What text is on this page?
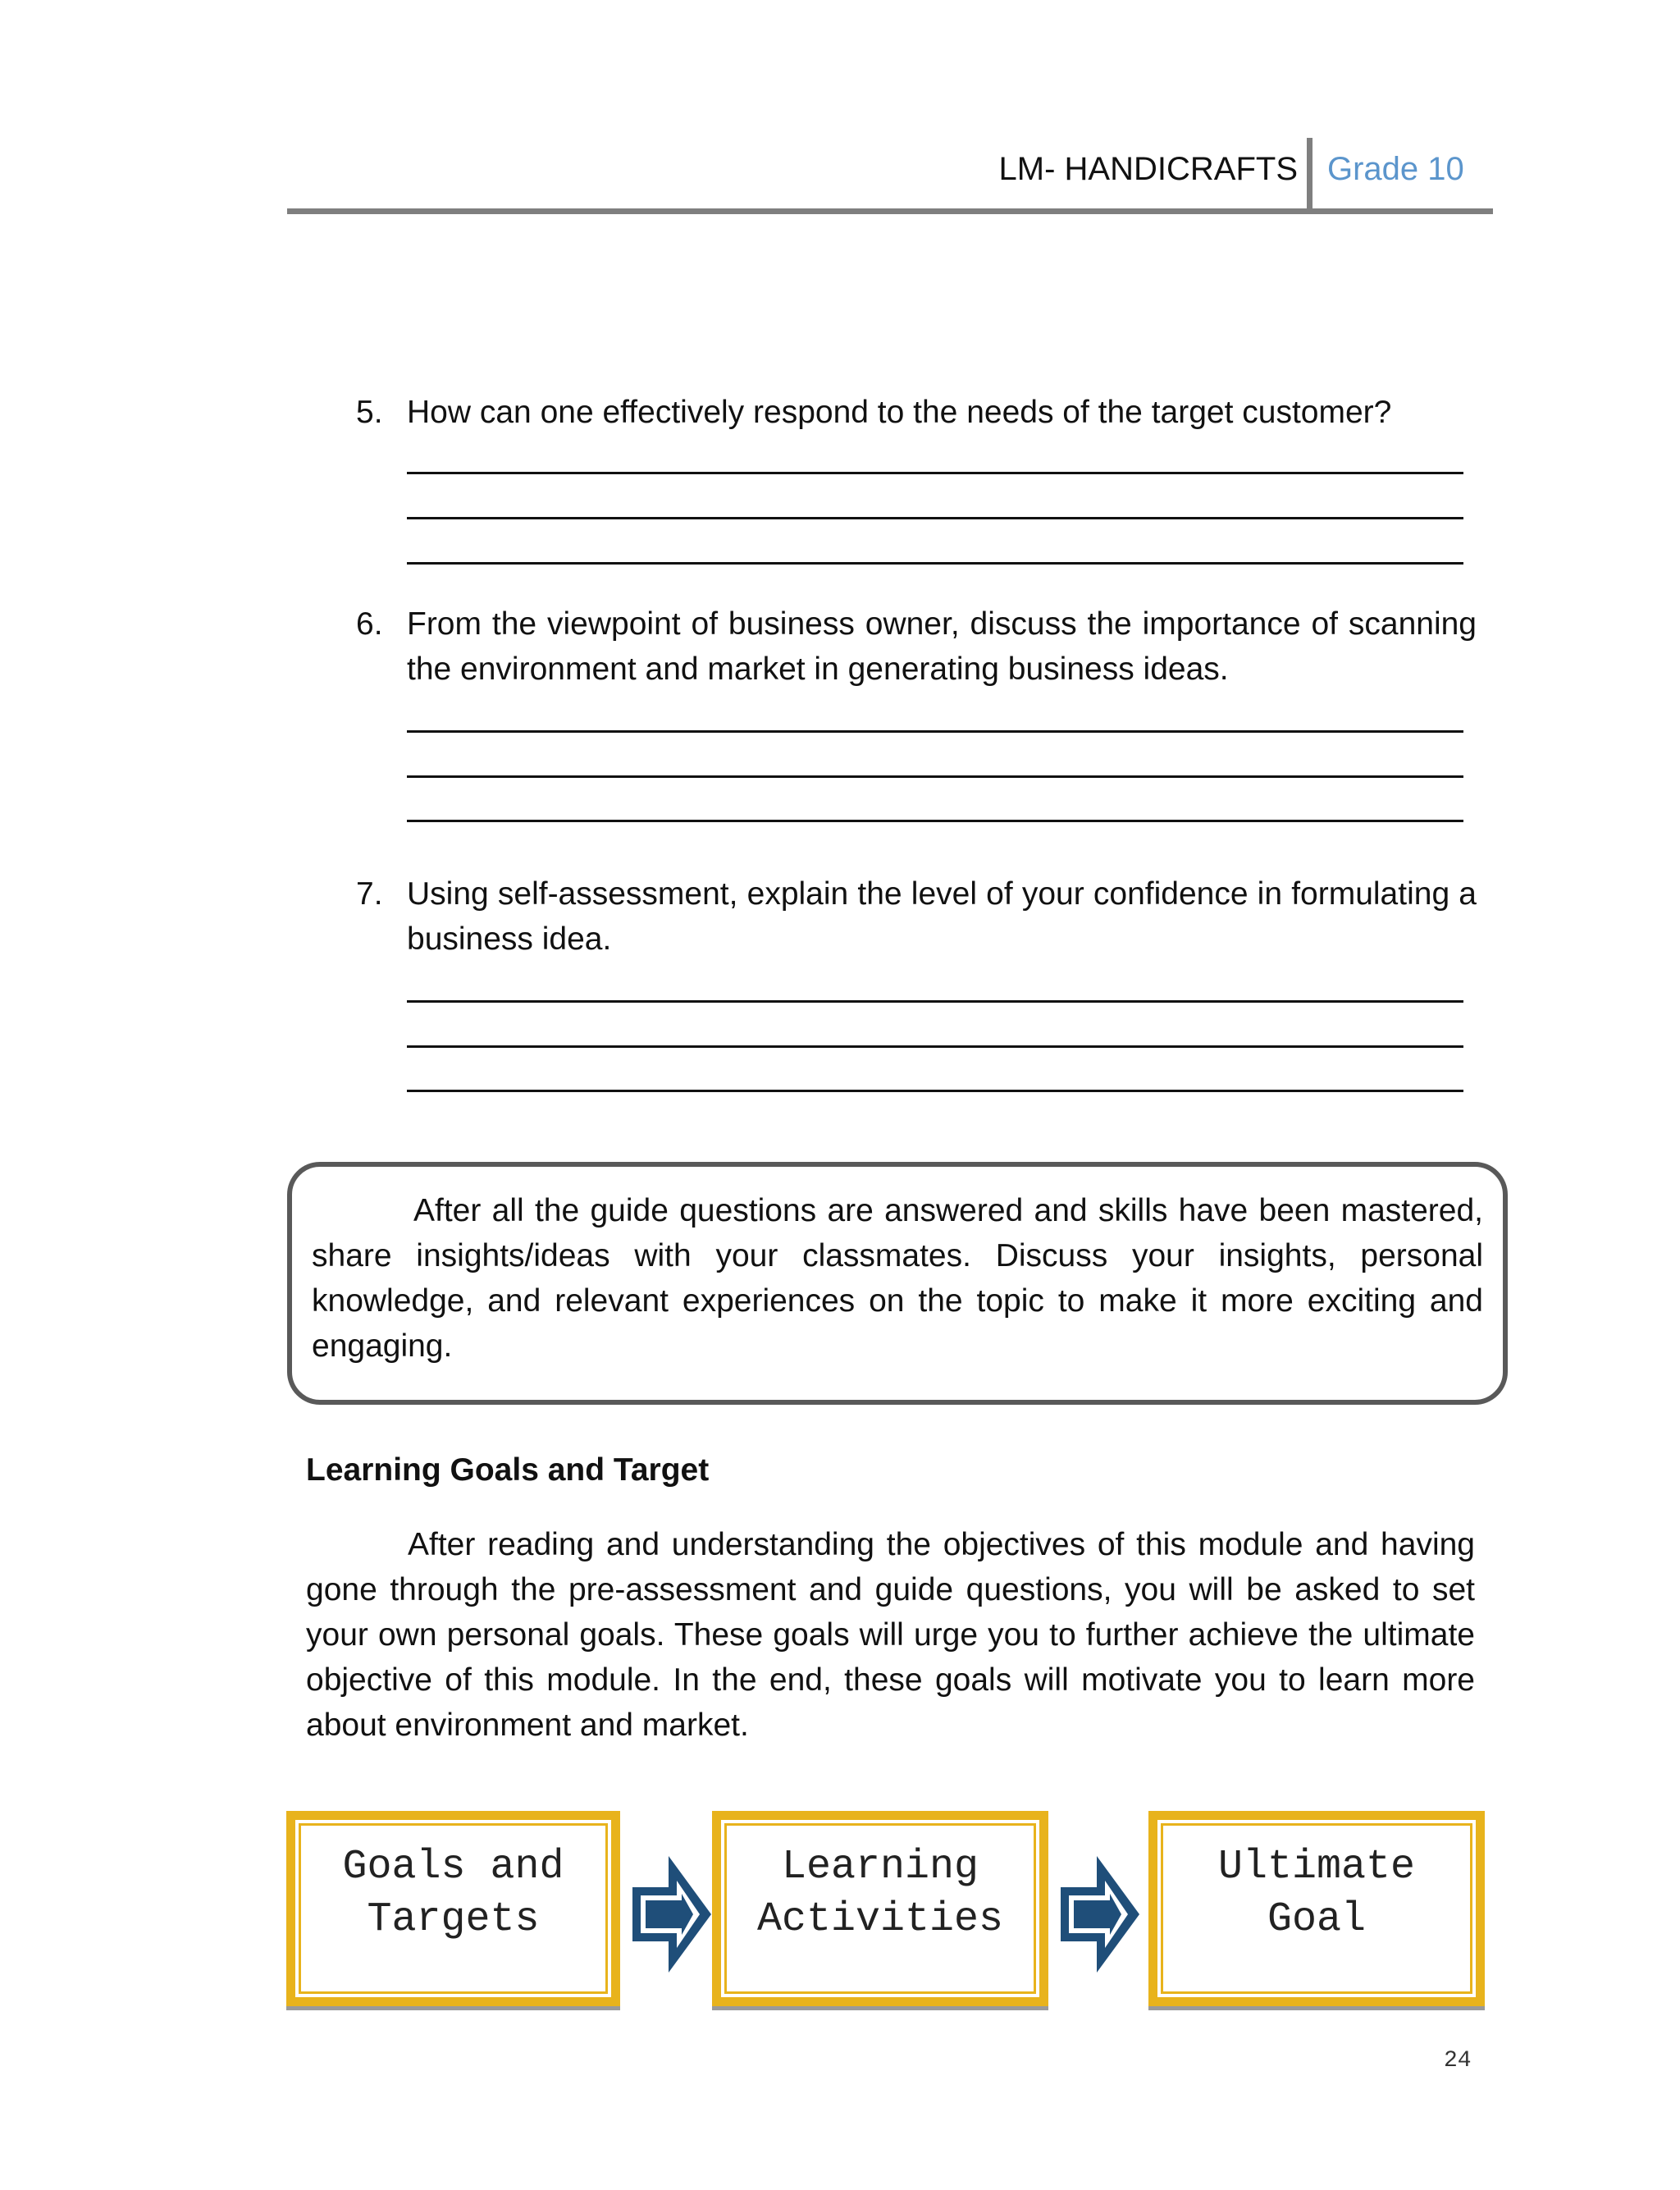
LM- HANDICRAFTS Grade 10
5. How can one effectively respond to the needs of the target customer?
6. From the viewpoint of business owner, discuss the importance of scanning the environment and market in generating business ideas.
7. Using self-assessment, explain the level of your confidence in formulating a business idea.
After all the guide questions are answered and skills have been mastered, share insights/ideas with your classmates. Discuss your insights, personal knowledge, and relevant experiences on the topic to make it more exciting and engaging.
Learning Goals and Target
After reading and understanding the objectives of this module and having gone through the pre-assessment and guide questions, you will be asked to set your own personal goals. These goals will urge you to further achieve the ultimate objective of this module. In the end, these goals will motivate you to learn more about environment and market.
Goals and
Targets
Learning
Activities
Ultimate
Goal
24
